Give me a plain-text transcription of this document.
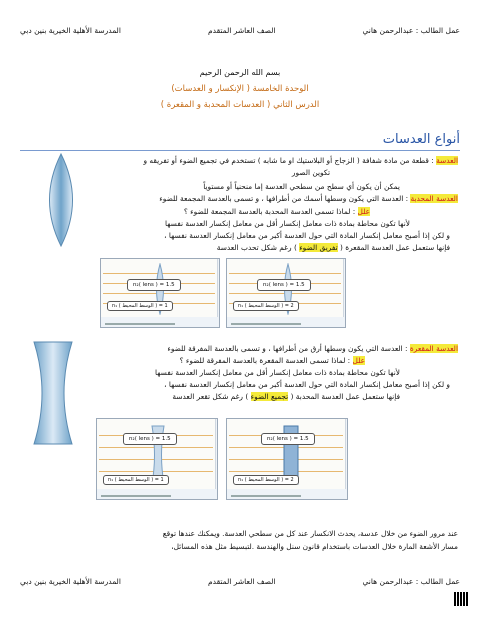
عمل الطالب : عبدالرحمن هاني
الصف العاشر المتقدم
المدرسة الأهلية الخيرية بنين دبي
بسم الله الرحمن الرحيم
الوحدة الخامسة ( الإنكسار و العدسات)
الدرس الثاني ( العدسات المحدبة و المقعرة )
أنواع العدسات
العدسة : قطعة من مادة شفافة ( الزجاج أو البلاستيك او ما شابه ) تستخدم في تجميع الضوء أو تفريقه و
تكوين الصور
يمكن أن يكون أي سطح من سطحي العدسة إما منحنياً أو مستوياً
العدسة المحدبة : العدسة التي يكون وسطها أسمك من أطرافها ، و تسمى بالعدسة المجمعة للضوء
علل : لماذا تسمى العدسة المحدبة بالعدسة المجمعة للضوء ؟
لأنها تكون محاطة بمادة ذات معامل إنكسار أقل من معامل إنكسار العدسة نفسها
و لكن إذا أصبح معامل إنكسار المادة التي حول العدسة أكبر من معامل إنكسار العدسة نفسها ،
فإنها ستعمل عمل العدسة المقعرة ( تفريق الضوء ) رغم شكل تحدب العدسة
n₂( lens ) = 1.5
n₁ ( الوسط المحيط ) = 1
n₂( lens ) = 1.5
n₁ ( الوسط المحيط ) = 2
العدسة المقعرة : العدسة التي يكون وسطها أرق من أطرافها ، و تسمى بالعدسة المفرقة للضوء
علل : لماذا تسمى العدسة المقعرة بالعدسة المفرقة للضوء ؟
لأنها تكون محاطة بمادة ذات معامل إنكسار أقل من معامل إنكسار العدسة نفسها
و لكن إذا أصبح معامل إنكسار المادة التي حول العدسة أكبر من معامل إنكسار العدسة نفسها ،
فإنها ستعمل عمل العدسة المحدبة ( تجميع الضوء ) رغم شكل تقعر العدسة
n₂( lens ) = 1.5
n₁ ( الوسط المحيط ) = 1
n₂( lens ) = 1.5
n₁ ( الوسط المحيط ) = 2
عند مرور الضوء من خلال عدسة، يحدث الانكسار عند كل من سطحي العدسة. ويمكنك عندها توقع
مسار الأشعة المارة خلال العدسات باستخدام قانون سنل والهندسة .لتبسيط مثل هذه المسائل،
عمل الطالب : عبدالرحمن هاني
الصف العاشر المتقدم
المدرسة الأهلية الخيرية بنين دبي
